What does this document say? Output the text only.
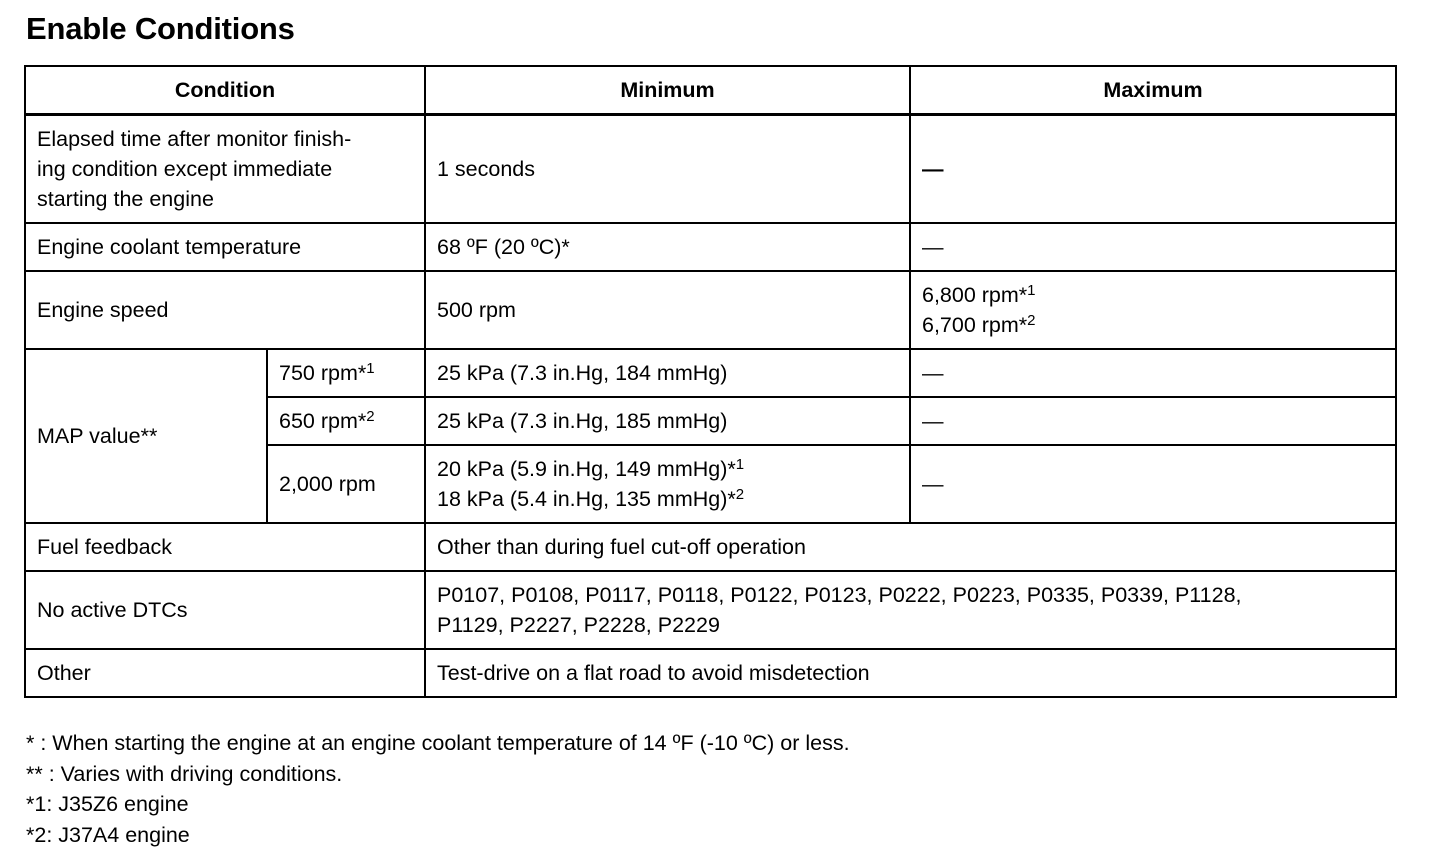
Enable Conditions
Condition		Minimum	Maximum

Elapsed time after monitor finish-
ing condition except immediate
starting the engine		1 seconds	—
Engine coolant temperature		68 ºF (20 ºC)*	—
Engine speed		500 rpm	6,800 rpm*$^1$
6,700 rpm*$^2$

MAP value**	750 rpm*$^1$	25 kPa (7.3 in.Hg, 184 mmHg)	—
	650 rpm*$^2$	25 kPa (7.3 in.Hg, 185 mmHg)	—
	2,000 rpm	20 kPa (5.9 in.Hg, 149 mmHg)*$^1$
18 kPa (5.4 in.Hg, 135 mmHg)*$^2$	—
Fuel feedback		Other than during fuel cut-off operation	
No active DTCs		P0107, P0108, P0117, P0118, P0122, P0123, P0222, P0223, P0335, P0339, P1128,
P1129, P2227, P2228, P2229	

Other		Test-drive on a flat road to avoid misdetection	
* : When starting the engine at an engine coolant temperature of 14 ºF (-10 ºC) or less.
** : Varies with driving conditions.
*1: J35Z6 engine
*2: J37A4 engine
